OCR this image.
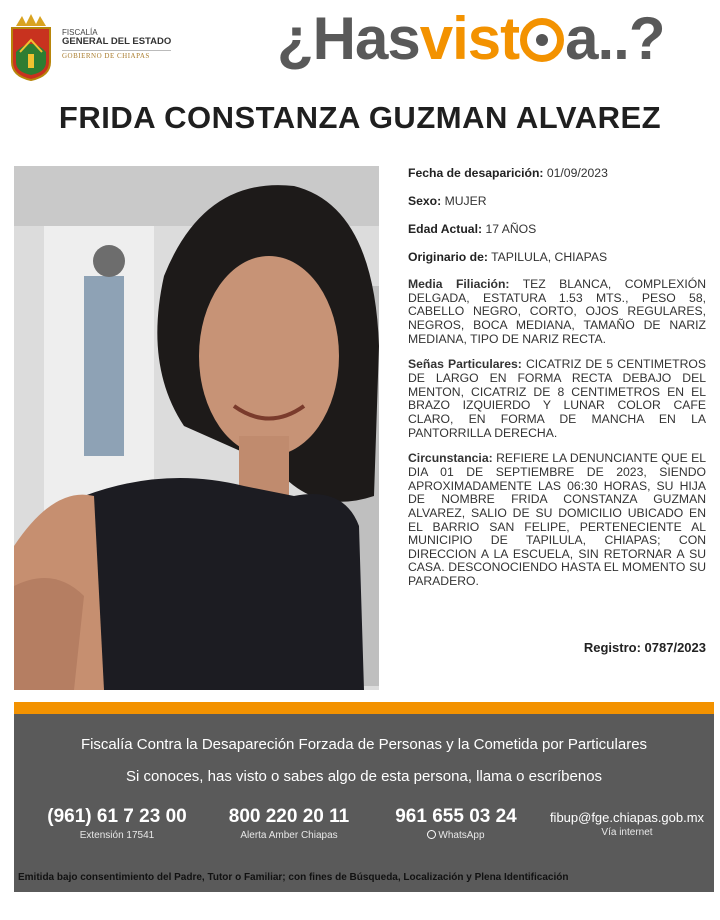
FISCALÍA
GENERAL DEL ESTADO
GOBIERNO DE CHIAPAS	¿Hasvist a..?
FRIDA CONSTANZA GUZMAN ALVAREZ
Fecha de desaparición: 01/09/2023
Sexo: MUJER
Edad Actual: 17 AÑOS
Originario de: TAPILULA, CHIAPAS
Media Filiación: TEZ BLANCA, COMPLEXIÓN DELGADA, ESTATURA 1.53 MTS., PESO 58, CABELLO NEGRO, CORTO, OJOS REGULARES, NEGROS, BOCA MEDIANA, TAMAÑO DE NARIZ MEDIANA, TIPO DE NARIZ RECTA.
Señas Particulares: CICATRIZ DE 5 CENTIMETROS DE LARGO EN FORMA RECTA DEBAJO DEL MENTON, CICATRIZ DE 8 CENTIMETROS EN EL BRAZO IZQUIERDO Y LUNAR COLOR CAFE CLARO, EN FORMA DE MANCHA EN LA PANTORRILLA DERECHA.
Circunstancia: REFIERE LA DENUNCIANTE QUE EL DIA 01 DE SEPTIEMBRE DE 2023, SIENDO APROXIMADAMENTE LAS 06:30 HORAS, SU HIJA DE NOMBRE FRIDA CONSTANZA GUZMAN ALVAREZ, SALIO DE SU DOMICILIO UBICADO EN EL BARRIO SAN FELIPE, PERTENECIENTE AL MUNICIPIO DE TAPILULA, CHIAPAS; CON DIRECCION A LA ESCUELA, SIN RETORNAR A SU CASA. DESCONOCIENDO HASTA EL MOMENTO SU PARADERO.
Registro: 0787/2023
Fiscalía Contra la Desapareción Forzada de Personas y la Cometida por Particulares
Si conoces, has visto o sabes algo de esta persona, llama o escríbenos
(961) 61 7 23 00
Extensión 17541
800 220 20 11
Alerta Amber Chiapas
961 655 03 24
WhatsApp
fibup@fge.chiapas.gob.mx
Vía internet
Emitida bajo consentimiento del Padre, Tutor o Familiar; con fines de Búsqueda, Localización y Plena Identificación
